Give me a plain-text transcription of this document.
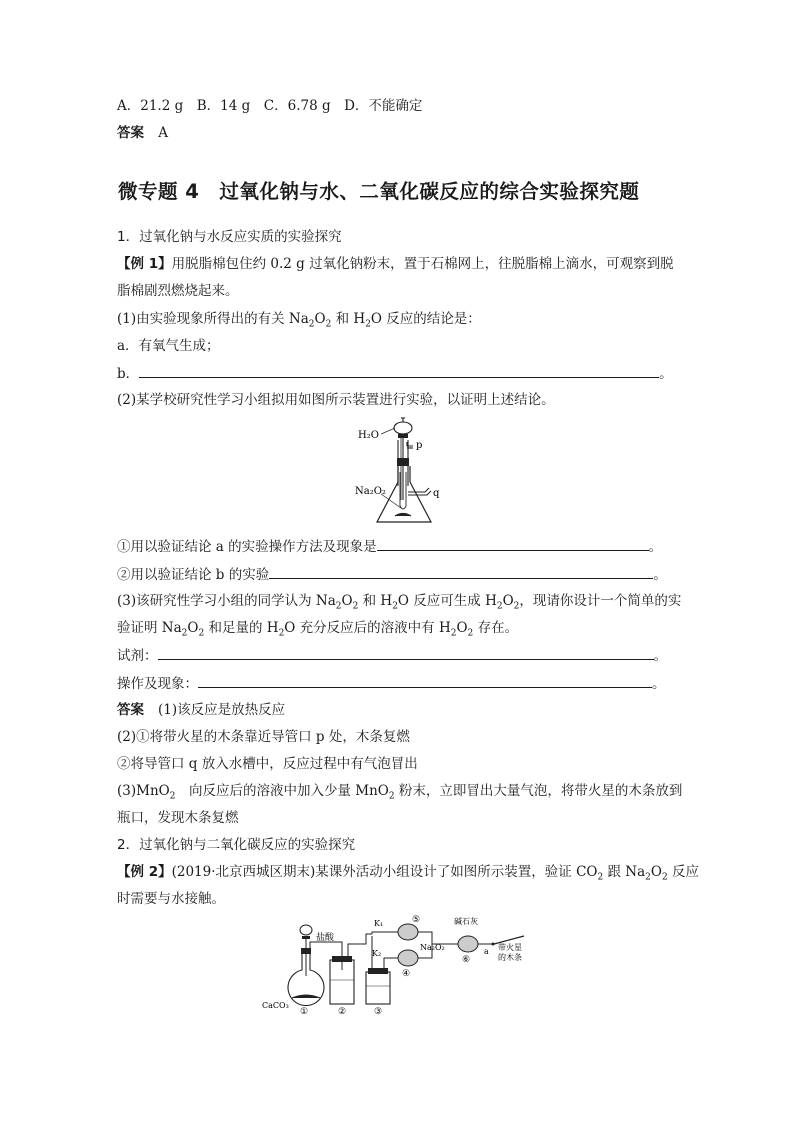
A．21.2 g　B．14 g　C．6.78 g　D．不能确定
答案 A
微专题 4　过氧化钠与水、二氧化碳反应的综合实验探究题
1．过氧化钠与水反应实质的实验探究
【例 1】用脱脂棉包住约 0.2 g 过氧化钠粉末，置于石棉网上，往脱脂棉上滴水，可观察到脱
脂棉剧烈燃烧起来。
(1)由实验现象所得出的有关 $Na_2O_2$ 和 $H_2O$ 反应的结论是：
a．有氧气生成；
b．	。
(2)某学校研究性学习小组拟用如图所示装置进行实验，以证明上述结论。
H₂O
p
Na₂O₂	q
①用以验证结论 a 的实验操作方法及现象是	。
②用以验证结论 b 的实验	。
(3)该研究性学习小组的同学认为 $Na_2O_2$ 和 $H_2O$ 反应可生成 $H_2O_2$，现请你设计一个简单的实
验证明 $Na_2O_2$ 和足量的 $H_2O$ 充分反应后的溶液中有 $H_2O_2$ 存在。
试剂：	。
操作及现象：	。
答案 (1)该反应是放热反应
(2)①将带火星的木条靠近导管口 p 处，木条复燃
②将导管口 q 放入水槽中，反应过程中有气泡冒出
(3)MnO$_2$　向反应后的溶液中加入少量 MnO$_2$ 粉末，立即冒出大量气泡，将带火星的木条放到
瓶口，发现木条复燃
2．过氧化钠与二氧化碳反应的实验探究
【例 2】(2019·北京西城区期末)某课外活动小组设计了如图所示装置，验证 $CO_2$ 跟 $Na_2O_2$ 反应
时需要与水接触。
盐酸
CaCO₃
K₁
K₂
Na₂O₂
碱石灰
a 带火星
的木条
①	②	③
④
⑤
⑥
